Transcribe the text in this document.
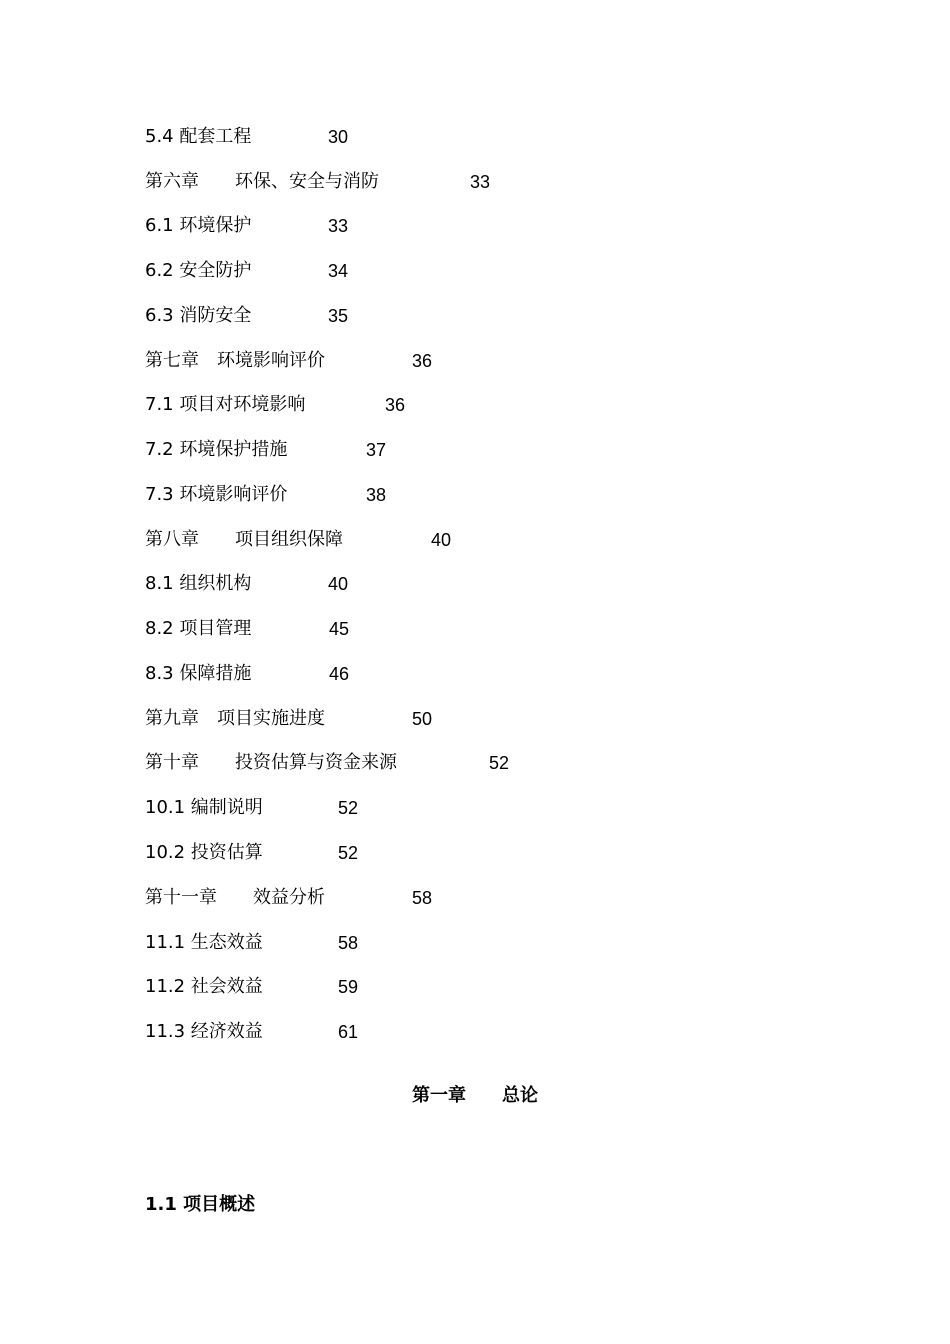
5.4 配套工程	30
第六章　　环保、安全与消防	33
6.1 环境保护	33
6.2 安全防护	34
6.3 消防安全	35
第七章　环境影响评价	36
7.1 项目对环境影响	36
7.2 环境保护措施	37
7.3 环境影响评价	38
第八章　　项目组织保障	40
8.1 组织机构	40
8.2 项目管理	45
8.3 保障措施	46
第九章　项目实施进度	50
第十章　　投资估算与资金来源	52
10.1 编制说明	52
10.2 投资估算	52
第十一章　　效益分析	58
11.1 生态效益	58
11.2 社会效益	59
11.3 经济效益	61
第一章　　总论
1.1 项目概述
